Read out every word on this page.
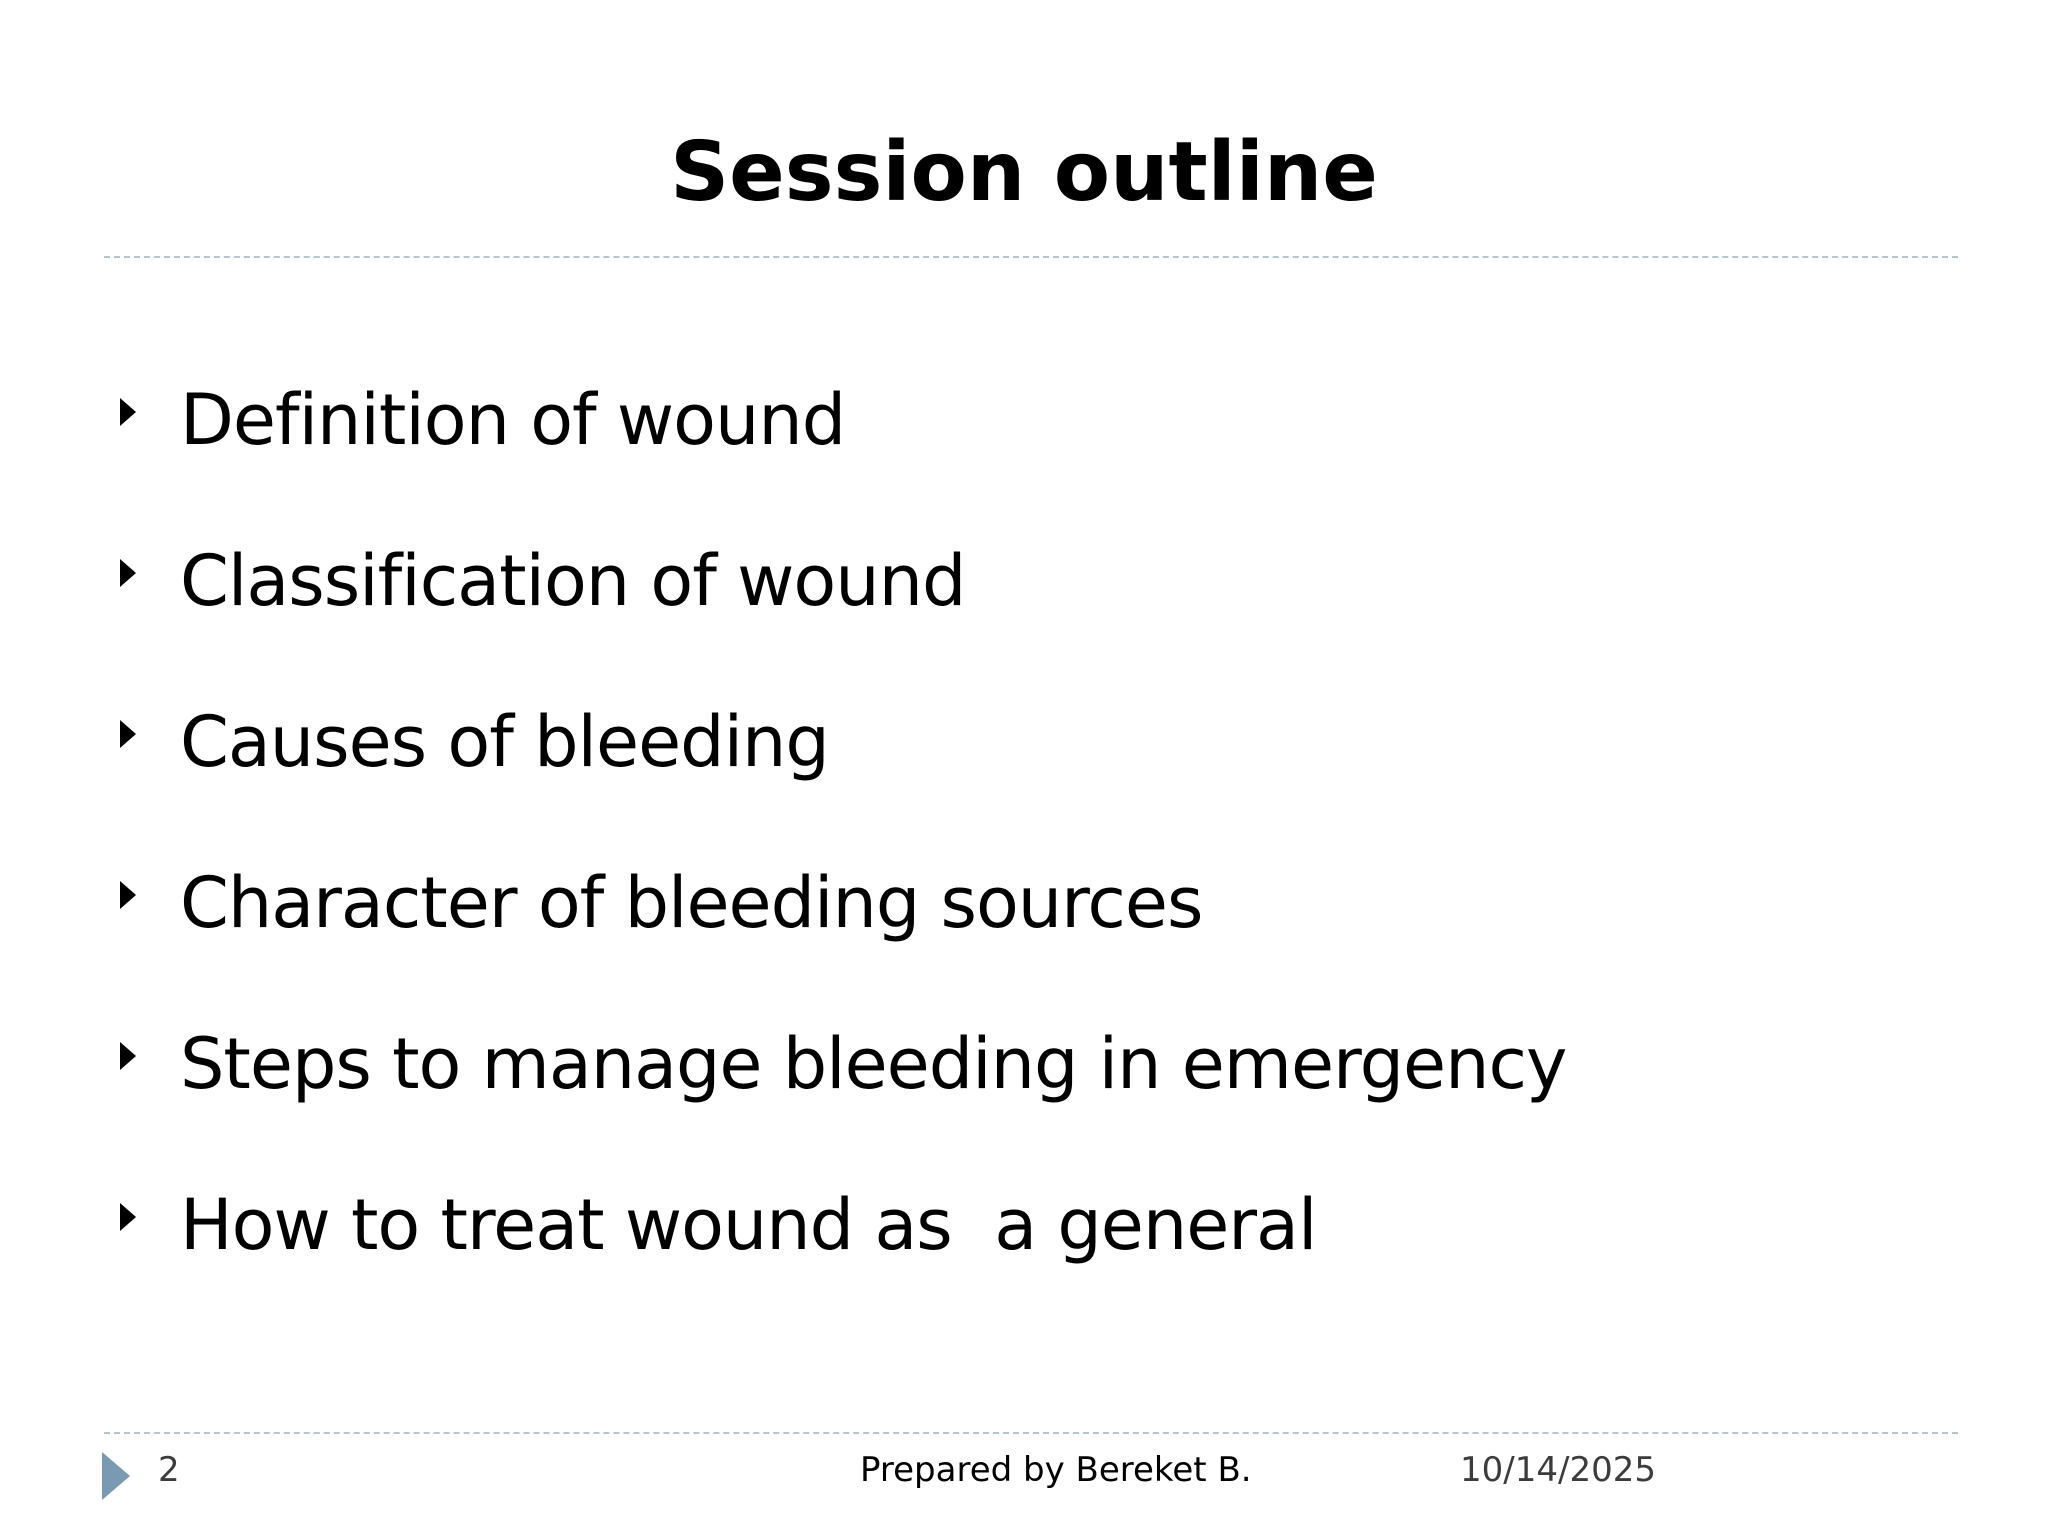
Session outline
Definition of wound
Classification of wound
Causes of bleeding
Character of bleeding sources
Steps to manage bleeding in emergency
How to treat wound as  a general
2	Prepared by Bereket B.	10/14/2025
